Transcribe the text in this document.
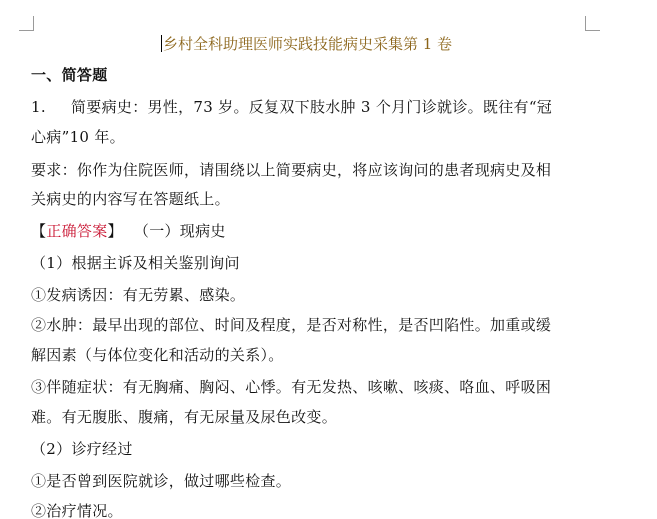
乡村全科助理医师实践技能病史采集第 1 卷
一、简答题
1. 简要病史：男性，73 岁。反复双下肢水肿 3 个月门诊就诊。既往有“冠
心病”10 年。
要求：你作为住院医师，请围绕以上简要病史，将应该询问的患者现病史及相
关病史的内容写在答题纸上。
【正确答案】 （一）现病史
（1）根据主诉及相关鉴别询问
①发病诱因：有无劳累、感染。
②水肿：最早出现的部位、时间及程度，是否对称性，是否凹陷性。加重或缓
解因素（与体位变化和活动的关系）。
③伴随症状：有无胸痛、胸闷、心悸。有无发热、咳嗽、咳痰、咯血、呼吸困
难。有无腹胀、腹痛，有无尿量及尿色改变。
（2）诊疗经过
①是否曾到医院就诊，做过哪些检查。
②治疗情况。
